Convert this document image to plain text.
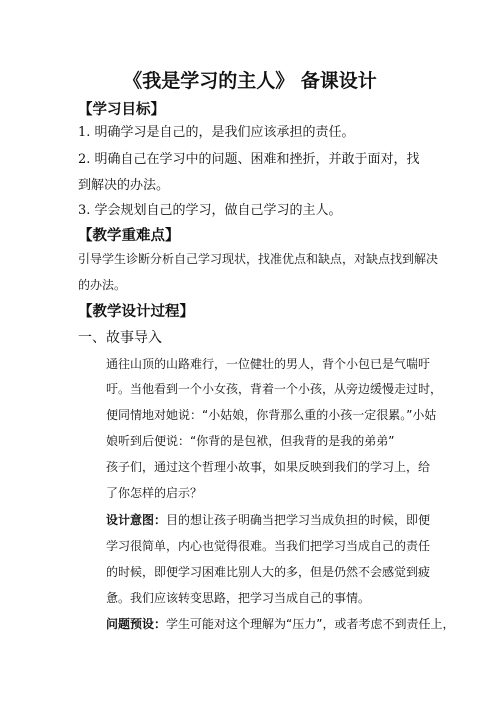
《我是学习的主人》 备课设计
【学习目标】
1. 明确学习是自己的，是我们应该承担的责任。
2. 明确自己在学习中的问题、困难和挫折，并敢于面对，找
到解决的办法。
3. 学会规划自己的学习，做自己学习的主人。
【教学重难点】
引导学生诊断分析自己学习现状，找准优点和缺点，对缺点找到解决
的办法。
【教学设计过程】
一、故事导入
通往山顶的山路难行，一位健壮的男人，背个小包已是气喘吁
吁。当他看到一个小女孩，背着一个小孩，从旁边缓慢走过时，
便同情地对她说：“小姑娘，你背那么重的小孩一定很累。”小姑
娘听到后便说：“你背的是包袱，但我背的是我的弟弟”
孩子们，通过这个哲理小故事，如果反映到我们的学习上，给
了你怎样的启示？
设计意图：目的想让孩子明确当把学习当成负担的时候，即便
学习很简单，内心也觉得很难。当我们把学习当成自己的责任
的时候，即便学习困难比别人大的多，但是仍然不会感觉到疲
惫。我们应该转变思路，把学习当成自己的事情。
问题预设：学生可能对这个理解为“压力”，或者考虑不到责任上，
